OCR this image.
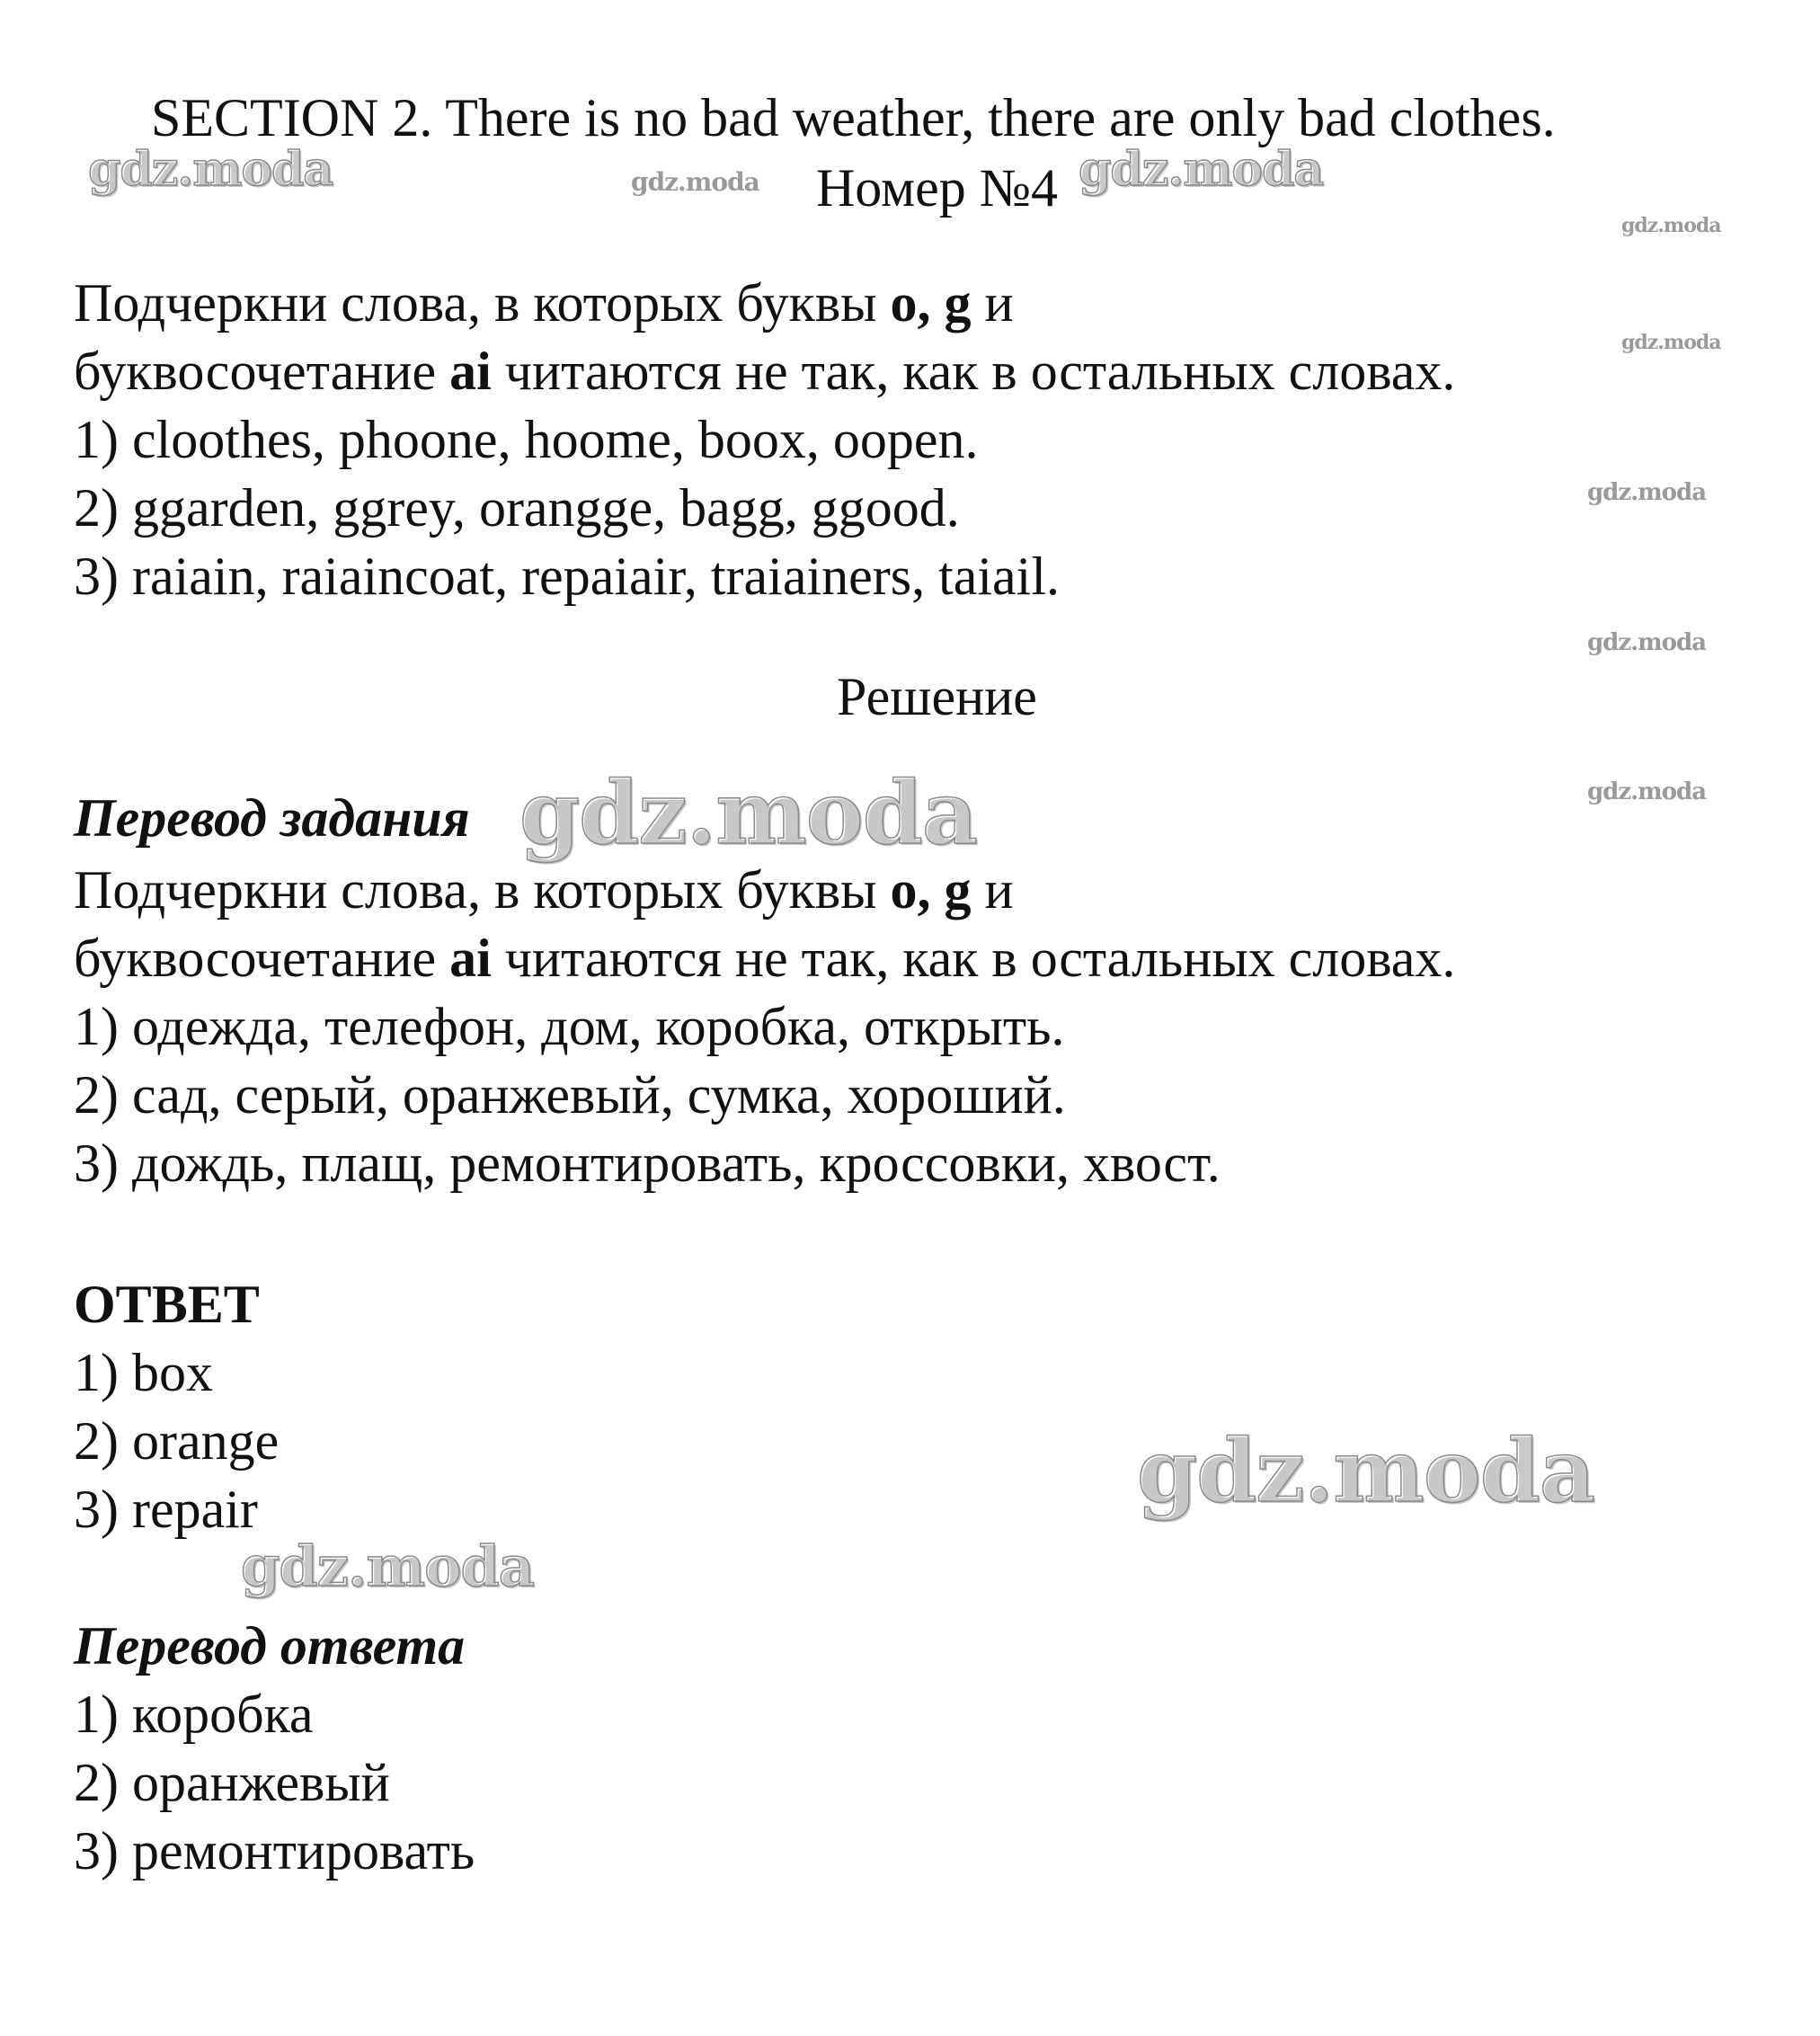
SECTION 2. There is no bad weather, there are only bad clothes.
Номер №4
Подчеркни слова, в которых буквы o, g и
буквосочетание ai читаются не так, как в остальных словах.
1) cloothes, phoone, hoome, boox, oopen.
2) ggarden, ggrey, orangge, bagg, ggood.
3) raiain, raiaincoat, repaiair, traiainers, taiail.
Решение
Перевод задания
Подчеркни слова, в которых буквы o, g и
буквосочетание ai читаются не так, как в остальных словах.
1) одежда, телефон, дом, коробка, открыть.
2) сад, серый, оранжевый, сумка, хороший.
3) дождь, плащ, ремонтировать, кроссовки, хвост.
ОТВЕТ
1) box
2) orange
3) repair
Перевод ответа
1) коробка
2) оранжевый
3) ремонтировать
gdz.moda	gdz.moda	gdz.moda
gdz.moda
gdz.moda
gdz.moda
gdz.moda
gdz.moda
gdz.moda
gdz.moda
gdz.moda
